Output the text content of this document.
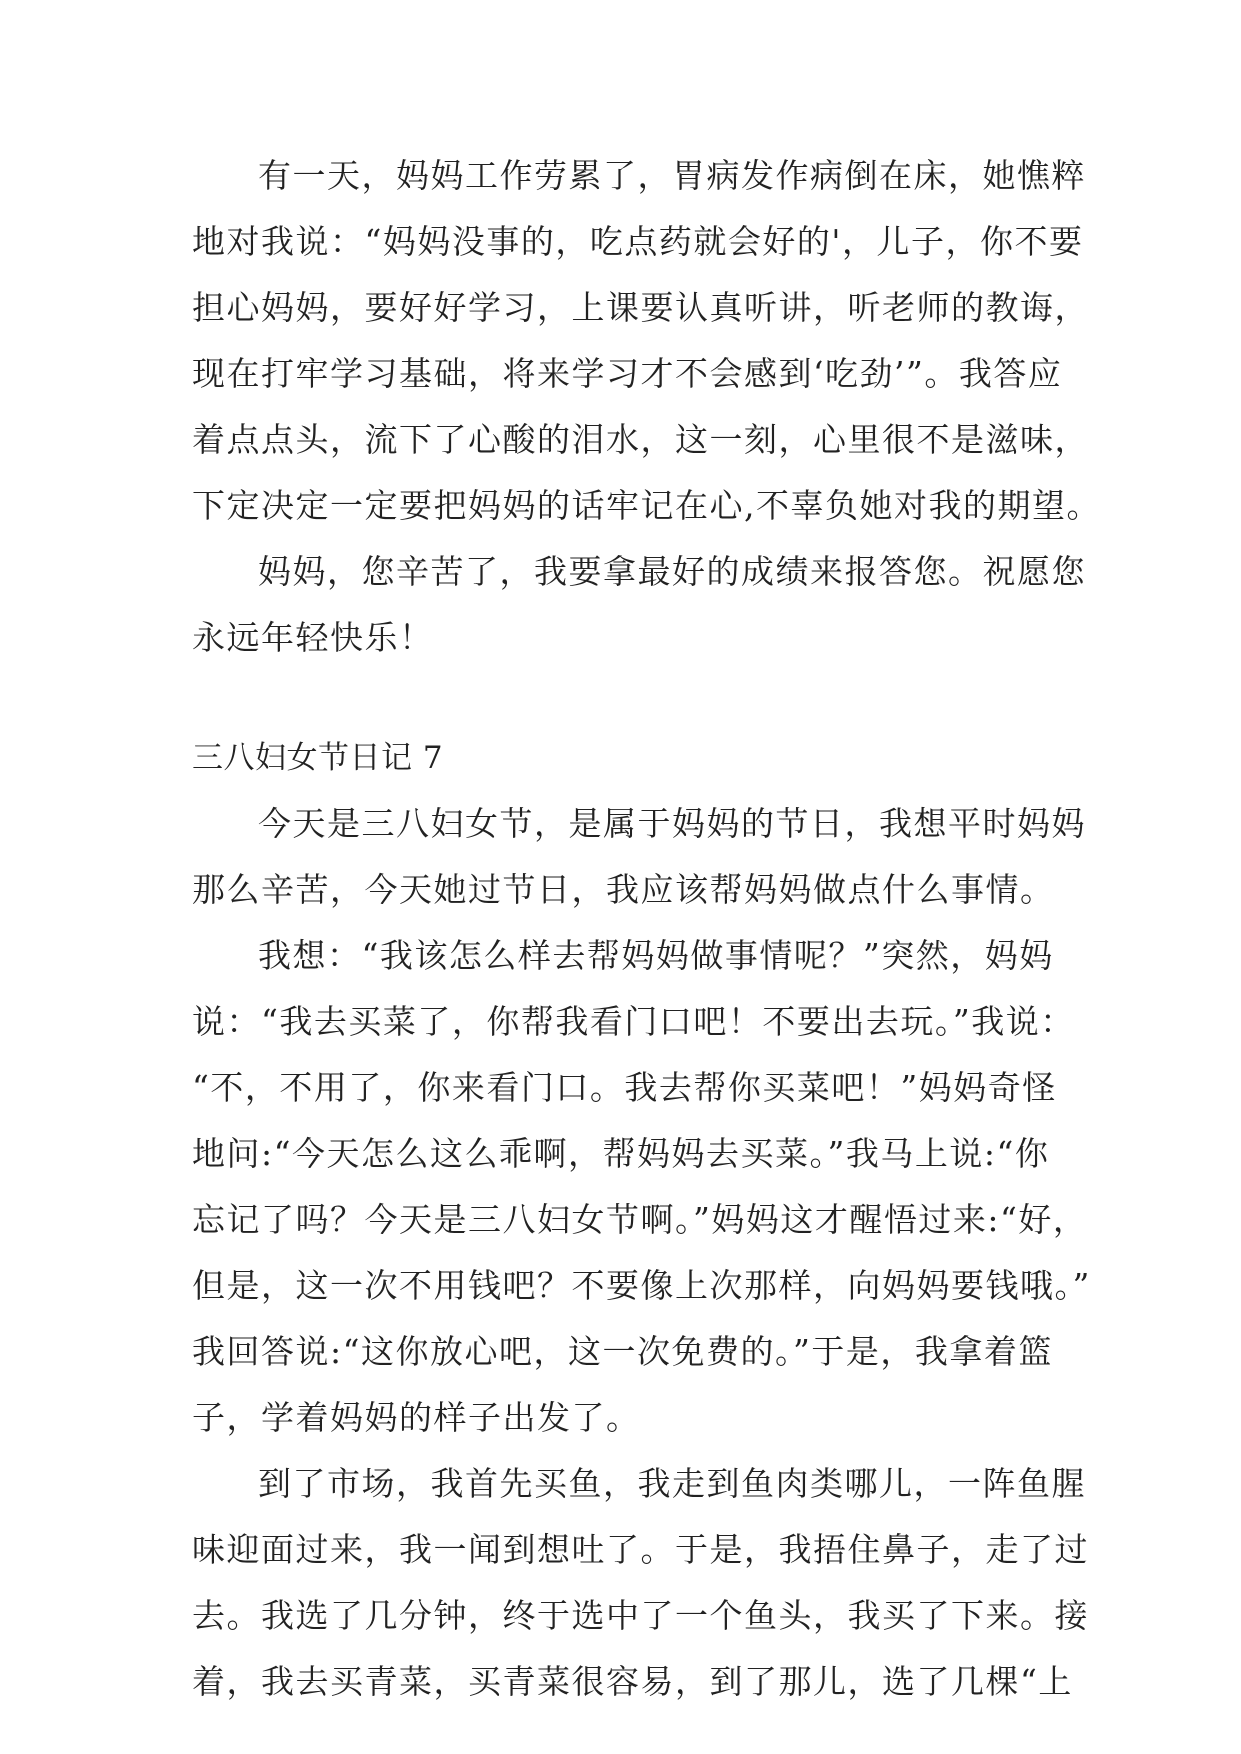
有一天，妈妈工作劳累了，胃病发作病倒在床，她憔粹
地对我说：“妈妈没事的，吃点药就会好的'，儿子，你不要
担心妈妈，要好好学习，上课要认真听讲，听老师的教诲，
现在打牢学习基础，将来学习才不会感到‘吃劲’”。我答应
着点点头，流下了心酸的泪水，这一刻，心里很不是滋味，
下定决定一定要把妈妈的话牢记在心,不辜负她对我的期望。
妈妈，您辛苦了，我要拿最好的成绩来报答您。祝愿您
永远年轻快乐！
三八妇女节日记 7
今天是三八妇女节，是属于妈妈的节日，我想平时妈妈
那么辛苦，今天她过节日，我应该帮妈妈做点什么事情。
我想：“我该怎么样去帮妈妈做事情呢？”突然，妈妈
说：“我去买菜了，你帮我看门口吧！不要出去玩。”我说：
“不，不用了，你来看门口。我去帮你买菜吧！”妈妈奇怪
地问:“今天怎么这么乖啊，帮妈妈去买菜。”我马上说:“你
忘记了吗？今天是三八妇女节啊。”妈妈这才醒悟过来:“好，
但是，这一次不用钱吧？不要像上次那样，向妈妈要钱哦。”
我回答说:“这你放心吧，这一次免费的。”于是，我拿着篮
子，学着妈妈的样子出发了。
到了市场，我首先买鱼，我走到鱼肉类哪儿，一阵鱼腥
味迎面过来，我一闻到想吐了。于是，我捂住鼻子，走了过
去。我选了几分钟，终于选中了一个鱼头，我买了下来。接
着，我去买青菜，买青菜很容易，到了那儿，选了几棵“上
